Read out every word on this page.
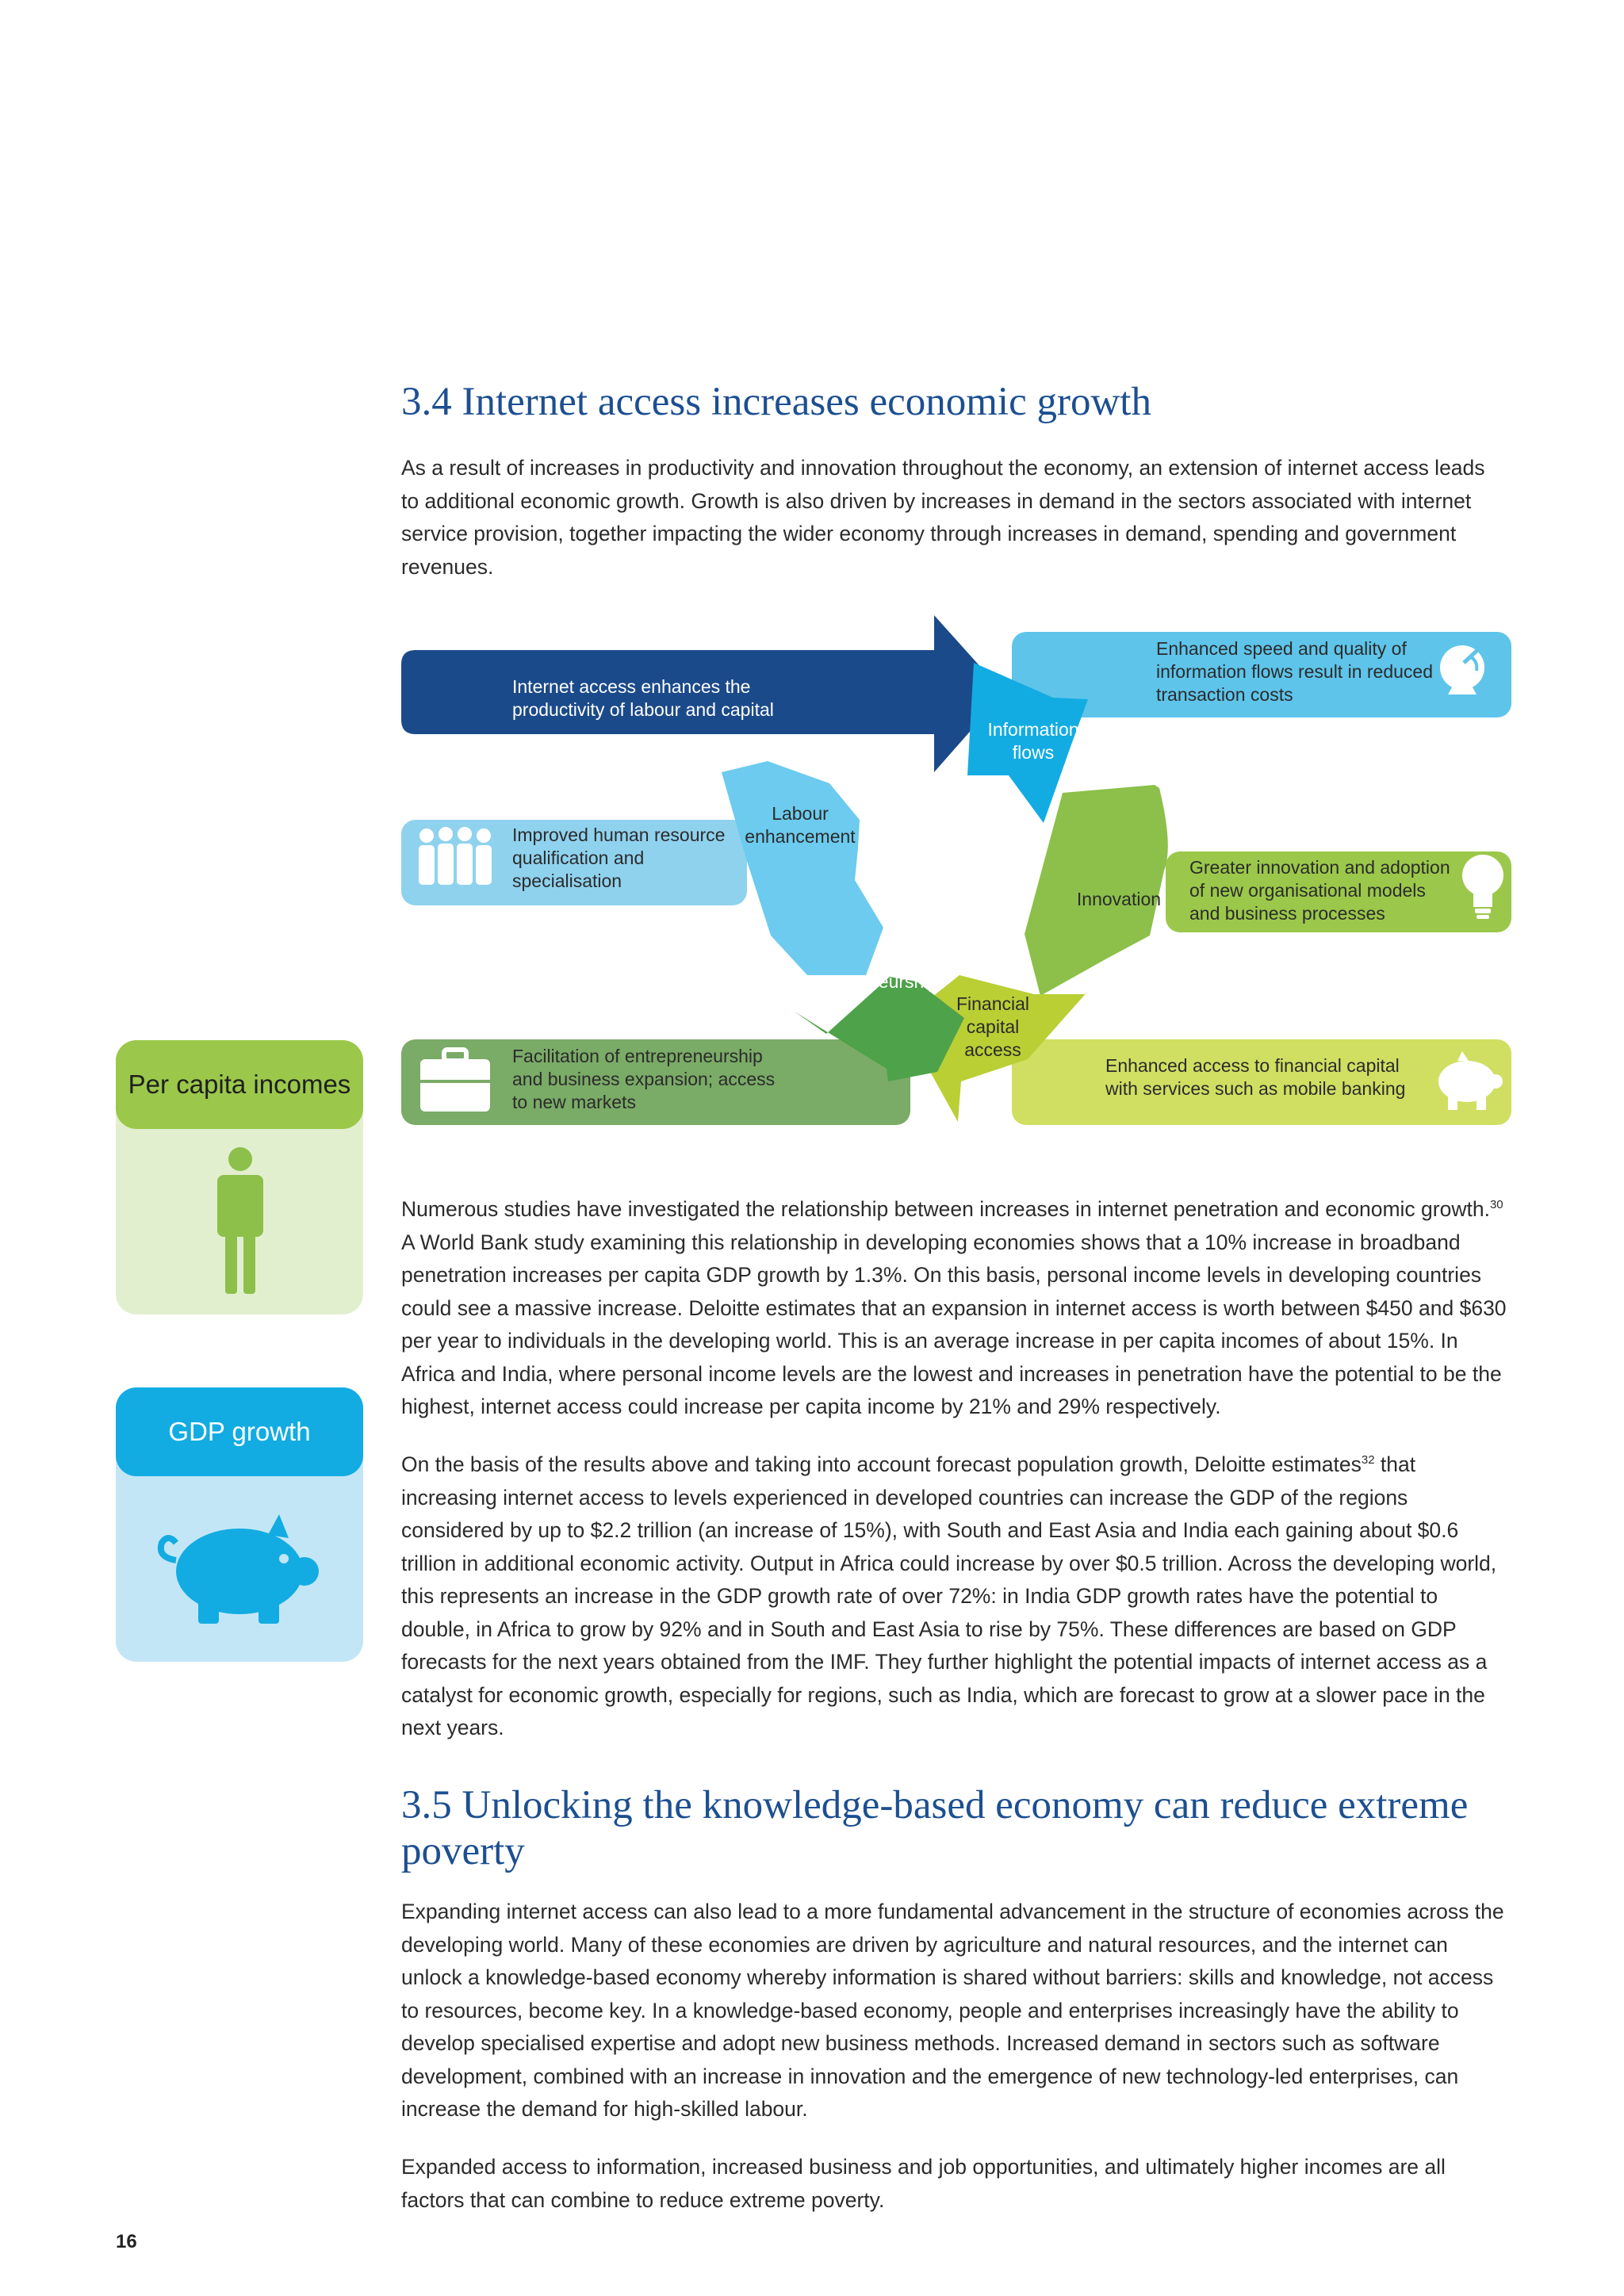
3.4 Internet access increases economic growth

As a result of increases in productivity and innovation throughout the economy, an extension of internet access leads to additional economic growth. Growth is also driven by increases in demand in the sectors associated with internet service provision, together impacting the wider economy through increases in demand, spending and government revenues.

Internet access enhances the productivity of labour and capital
Enhanced speed and quality of information flows result in reduced transaction costs
Improved human resource qualification and specialisation
Greater innovation and adoption of new organisational models and business processes
Facilitation of entrepreneurship and business expansion; access to new markets
Enhanced access to financial capital with services such as mobile banking
Information flows
Innovation
Financial capital access
Entrepreneurship
Labour enhancement

Numerous studies have investigated the relationship between increases in internet penetration and economic growth.$^{30}$ A World Bank study examining this relationship in developing economies shows that a 10% increase in broadband penetration increases per capita GDP growth by 1.3%. On this basis, personal income levels in developing countries could see a massive increase. Deloitte estimates that an expansion in internet access is worth between $450 and $630 per year to individuals in the developing world. This is an average increase in per capita incomes of about 15%. In Africa and India, where personal income levels are the lowest and increases in penetration have the potential to be the highest, internet access could increase per capita income by 21% and 29% respectively.

On the basis of the results above and taking into account forecast population growth, Deloitte estimates$^{32}$ that increasing internet access to levels experienced in developed countries can increase the GDP of the regions considered by up to $2.2 trillion (an increase of 15%), with South and East Asia and India each gaining about $0.6 trillion in additional economic activity. Output in Africa could increase by over $0.5 trillion. Across the developing world, this represents an increase in the GDP growth rate of over 72%: in India GDP growth rates have the potential to double, in Africa to grow by 92% and in South and East Asia to rise by 75%. These differences are based on GDP forecasts for the next years obtained from the IMF. They further highlight the potential impacts of internet access as a catalyst for economic growth, especially for regions, such as India, which are forecast to grow at a slower pace in the next years.

3.5 Unlocking the knowledge-based economy can reduce extreme poverty

Expanding internet access can also lead to a more fundamental advancement in the structure of economies across the developing world. Many of these economies are driven by agriculture and natural resources, and the internet can unlock a knowledge-based economy whereby information is shared without barriers: skills and knowledge, not access to resources, become key. In a knowledge-based economy, people and enterprises increasingly have the ability to develop specialised expertise and adopt new business methods. Increased demand in sectors such as software development, combined with an increase in innovation and the emergence of new technology-led enterprises, can increase the demand for high-skilled labour.

Expanded access to information, increased business and job opportunities, and ultimately higher incomes are all factors that can combine to reduce extreme poverty.

Per capita incomes
GDP growth
16
